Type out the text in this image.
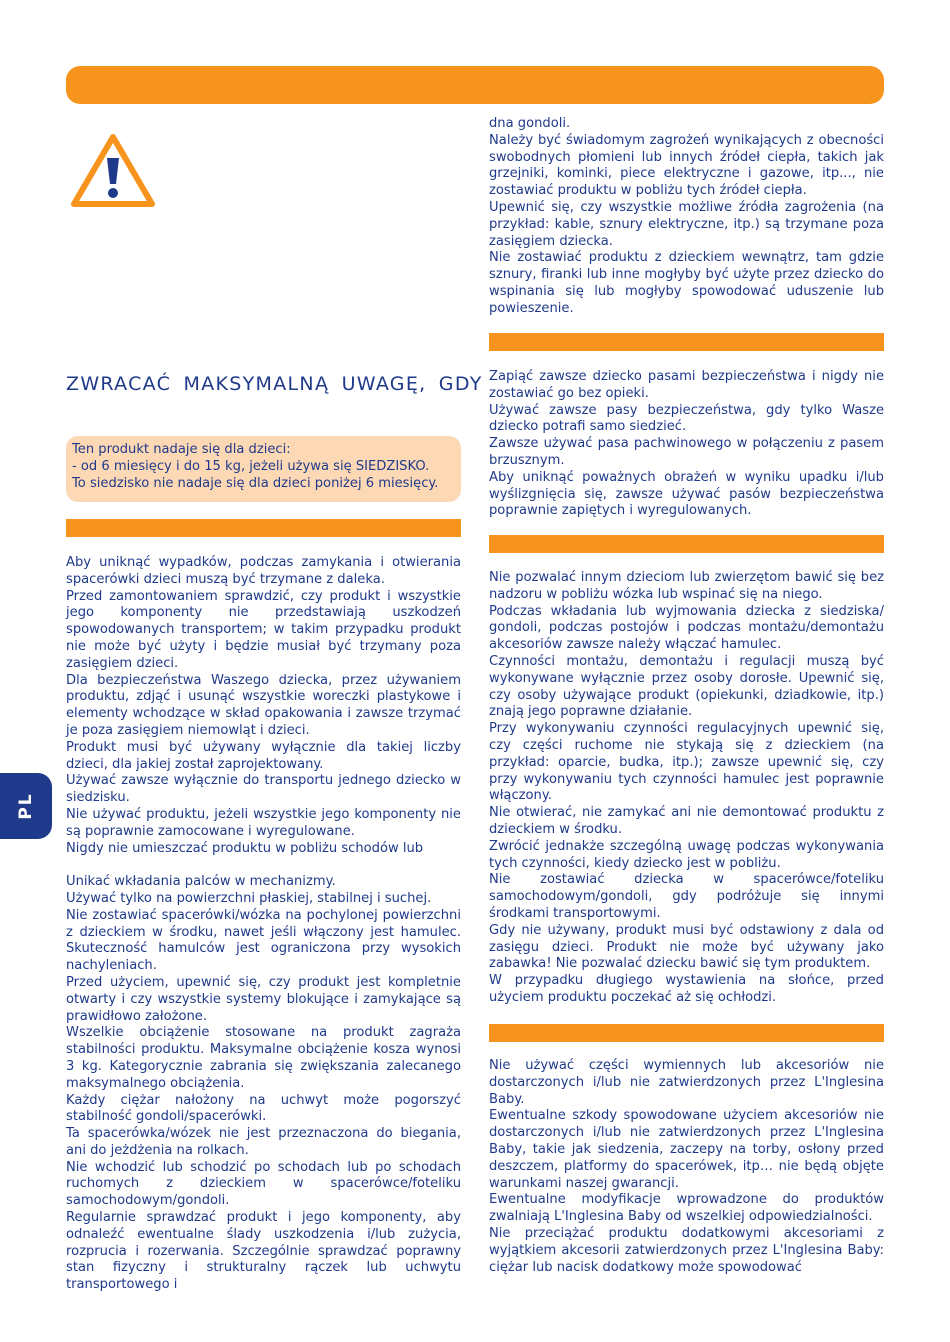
dna gondoli.

Należy być świadomym zagrożeń wynikających z obecności swobodnych płomieni lub innych źródeł ciepła, takich jak grzejniki, kominki, piece elektryczne i gazowe, itp..., nie zostawiać produktu w pobliżu tych źródeł ciepła.

Upewnić się, czy wszystkie możliwe źródła zagrożenia (na przykład: kable, sznury elektryczne, itp.) są trzymane poza zasięgiem dziecka.

Nie zostawiać produktu z dzieckiem wewnątrz, tam gdzie sznury, firanki lub inne mogłyby być użyte przez dziecko do wspinania się lub mogłyby spowodować uduszenie lub powieszenie.

ZWRACAĆ MAKSYMALNĄ UWAGĘ, GDY
Ten produkt nadaje się dla dzieci:
- od 6 miesięcy i do 15 kg, jeżeli używa się SIEDZISKO.
To siedzisko nie nadaje się dla dzieci poniżej 6 miesięcy.

Zapiąć zawsze dziecko pasami bezpieczeństwa i nigdy nie zostawiać go bez opieki.

Używać zawsze pasy bezpieczeństwa, gdy tylko Wasze dziecko potrafi samo siedzieć.

Zawsze używać pasa pachwinowego w połączeniu z pasem brzusznym.

Aby uniknąć poważnych obrażeń w wyniku upadku i/lub wyślizgnięcia się, zawsze używać pasów bezpieczeństwa poprawnie zapiętych i wyregulowanych.

Aby uniknąć wypadków, podczas zamykania i otwierania spacerówki dzieci muszą być trzymane z daleka.

Przed zamontowaniem sprawdzić, czy produkt i wszystkie jego komponenty nie przedstawiają uszkodzeń spowodowanych transportem; w takim przypadku produkt nie może być użyty i będzie musiał być trzymany poza zasięgiem dzieci.

Dla bezpieczeństwa Waszego dziecka, przez używaniem produktu, zdjąć i usunąć wszystkie woreczki plastykowe i elementy wchodzące w skład opakowania i zawsze trzymać je poza zasięgiem niemowląt i dzieci.

Produkt musi być używany wyłącznie dla takiej liczby dzieci, dla jakiej został zaprojektowany.

Używać zawsze wyłącznie do transportu jednego dziecko w siedzisku.

Nie używać produktu, jeżeli wszystkie jego komponenty nie są poprawnie zamocowane i wyregulowane.

Nigdy nie umieszczać produktu w pobliżu schodów lub

Unikać wkładania palców w mechanizmy.

Używać tylko na powierzchni płaskiej, stabilnej i suchej.

Nie zostawiać spacerówki/wózka na pochylonej powierzchni z dzieckiem w środku, nawet jeśli włączony jest hamulec. Skuteczność hamulców jest ograniczona przy wysokich nachyleniach.

Przed użyciem, upewnić się, czy produkt jest kompletnie otwarty i czy wszystkie systemy blokujące i zamykające są prawidłowo założone.

Wszelkie obciążenie stosowane na produkt zagraża stabilności produktu. Maksymalne obciążenie kosza wynosi 3 kg. Kategorycznie zabrania się zwiększania zalecanego maksymalnego obciążenia.

Każdy ciężar nałożony na uchwyt może pogorszyć stabilność gondoli/spacerówki.

Ta spacerówka/wózek nie jest przeznaczona do biegania, ani do jeżdżenia na rolkach.

Nie wchodzić lub schodzić po schodach lub po schodach ruchomych z dzieckiem w spacerówce/foteliku samochodowym/gondoli.

Regularnie sprawdzać produkt i jego komponenty, aby odnaleźć ewentualne ślady uszkodzenia i/lub zużycia, rozprucia i rozerwania. Szczególnie sprawdzać poprawny stan fizyczny i strukturalny rączek lub uchwytu transportowego i

Nie pozwalać innym dzieciom lub zwierzętom bawić się bez nadzoru w pobliżu wózka lub wspinać się na niego.

Podczas wkładania lub wyjmowania dziecka z siedziska/ gondoli, podczas postojów i podczas montażu/demontażu akcesoriów zawsze należy włączać hamulec.

Czynności montażu, demontażu i regulacji muszą być wykonywane wyłącznie przez osoby dorosłe. Upewnić się, czy osoby używające produkt (opiekunki, dziadkowie, itp.) znają jego poprawne działanie.

Przy wykonywaniu czynności regulacyjnych upewnić się, czy części ruchome nie stykają się z dzieckiem (na przykład: oparcie, budka, itp.); zawsze upewnić się, czy przy wykonywaniu tych czynności hamulec jest poprawnie włączony.

Nie otwierać, nie zamykać ani nie demontować produktu z dzieckiem w środku.

Zwrócić jednakże szczególną uwagę podczas wykonywania tych czynności, kiedy dziecko jest w pobliżu.

Nie zostawiać dziecka w spacerówce/foteliku samochodowym/gondoli, gdy podróżuje się innymi środkami transportowymi.

Gdy nie używany, produkt musi być odstawiony z dala od zasięgu dzieci. Produkt nie może być używany jako zabawka! Nie pozwalać dziecku bawić się tym produktem.

W przypadku długiego wystawienia na słońce, przed użyciem produktu poczekać aż się ochłodzi.

Nie używać części wymiennych lub akcesoriów nie dostarczonych i/lub nie zatwierdzonych przez L'Inglesina Baby.

Ewentualne szkody spowodowane użyciem akcesoriów nie dostarczonych i/lub nie zatwierdzonych przez L'Inglesina Baby, takie jak siedzenia, zaczepy na torby, osłony przed deszczem, platformy do spacerówek, itp… nie będą objęte warunkami naszej gwarancji.

Ewentualne modyfikacje wprowadzone do produktów zwalniają L'Inglesina Baby od wszelkiej odpowiedzialności.

Nie przeciążać produktu dodatkowymi akcesoriami z wyjątkiem akcesorii zatwierdzonych przez L'Inglesina Baby: ciężar lub nacisk dodatkowy może spowodować

PL
